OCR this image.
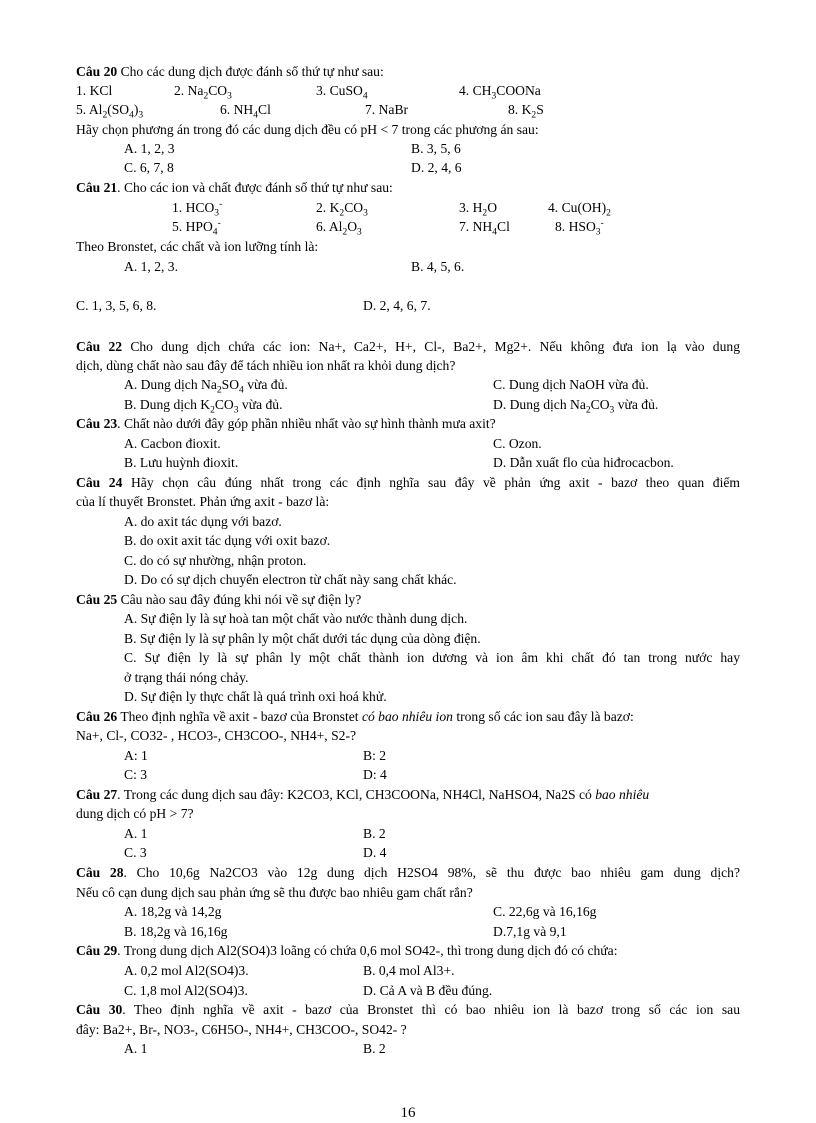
Câu 20 Cho các dung dịch được đánh số thứ tự như sau:
1. KCl	2. $Na_2CO_3$	3. CuSO$_4$	4. $CH_3COONa$
5. $Al_2(SO_4)_3$	6. $NH_4Cl$	7. NaBr	8. $K_2S$
Hãy chọn phương án trong đó các dung dịch đều có pH < 7 trong các phương án sau:
A. 1, 2, 3	B. 3, 5, 6
C. 6, 7, 8	D. 2, 4, 6
Câu 21. Cho các ion và chất được đánh số thứ tự như sau:
1. $HCO_3^-$	2. $K_2CO_3$	3. $H_2O$	4. $Cu(OH)_2$
5. $HPO_4^-$	6. $Al_2O_3$	7. $NH_4Cl$	8. $HSO_3^-$
Theo Bronstet, các chất và ion lưỡng tính là:
A. 1, 2, 3.	B. 4, 5, 6.
C. 1, 3, 5, 6, 8.	D. 2, 4, 6, 7.
Câu 22 Cho dung dịch chứa các ion: Na+, Ca2+, H+, Cl-, Ba2+, Mg2+. Nếu không đưa ion lạ vào dung
dịch, dùng chất nào sau đây để tách nhiều ion nhất ra khỏi dung dịch?
A. Dung dịch $Na_2SO_4$ vừa đủ.	C. Dung dịch NaOH vừa đủ.
B. Dung dịch $K_2CO_3$ vừa đủ.	D. Dung dịch $Na_2CO_3$ vừa đủ.
Câu 23. Chất nào dưới đây góp phần nhiều nhất vào sự hình thành mưa axit?
A. Cacbon đioxit.	C. Ozon.
B. Lưu huỳnh đioxit.	D. Dẫn xuất flo của hiđrocacbon.
Câu 24 Hãy chọn câu đúng nhất trong các định nghĩa sau đây về phản ứng axit - bazơ theo quan điểm
của lí thuyết Bronstet. Phản ứng axit - bazơ là:
A. do axit tác dụng với bazơ.
B. do oxit axit tác dụng với oxit bazơ.
C. do có sự nhường, nhận proton.
D. Do có sự dịch chuyển electron từ chất này sang chất khác.
Câu 25 Câu nào sau đây đúng khi nói về sự điện ly?
A. Sự điện ly là sự hoà tan một chất vào nước thành dung dịch.
B. Sự điện ly là sự phân ly một chất dưới tác dụng của dòng điện.
C. Sự điện ly là sự phân ly một chất thành ion dương và ion âm khi chất đó tan trong nước hay
ở trạng thái nóng chảy.
D. Sự điện ly thực chất là quá trình oxi hoá khử.
Câu 26 Theo định nghĩa về axit - bazơ của Bronstet có bao nhiêu ion trong số các ion sau đây là bazơ:
Na+, Cl-, CO32- , HCO3-, CH3COO-, NH4+, S2-?
A: 1	B: 2
C: 3	D: 4
Câu 27. Trong các dung dịch sau đây: K2CO3, KCl, CH3COONa, NH4Cl, NaHSO4, Na2S có bao nhiêu
dung dịch có pH > 7?
A. 1	B. 2
C. 3	D. 4
Câu 28. Cho 10,6g Na2CO3 vào 12g dung dịch H2SO4 98%, sẽ thu được bao nhiêu gam dung dịch?
Nếu cô cạn dung dịch sau phản ứng sẽ thu được bao nhiêu gam chất rắn?
A. 18,2g và 14,2g	C. 22,6g và 16,16g
B. 18,2g và 16,16g	D.7,1g và 9,1
Câu 29. Trong dung dịch Al2(SO4)3 loãng có chứa 0,6 mol SO42-, thì trong dung dịch đó có chứa:
A. 0,2 mol Al2(SO4)3.	B. 0,4 mol Al3+.
C. 1,8 mol Al2(SO4)3.	D. Cả A và B đều đúng.
Câu 30. Theo định nghĩa về axit - bazơ của Bronstet thì có bao nhiêu ion là bazơ trong số các ion sau
đây: Ba2+, Br-, NO3-, C6H5O-, NH4+, CH3COO-, SO42- ?
A. 1	B. 2
16
